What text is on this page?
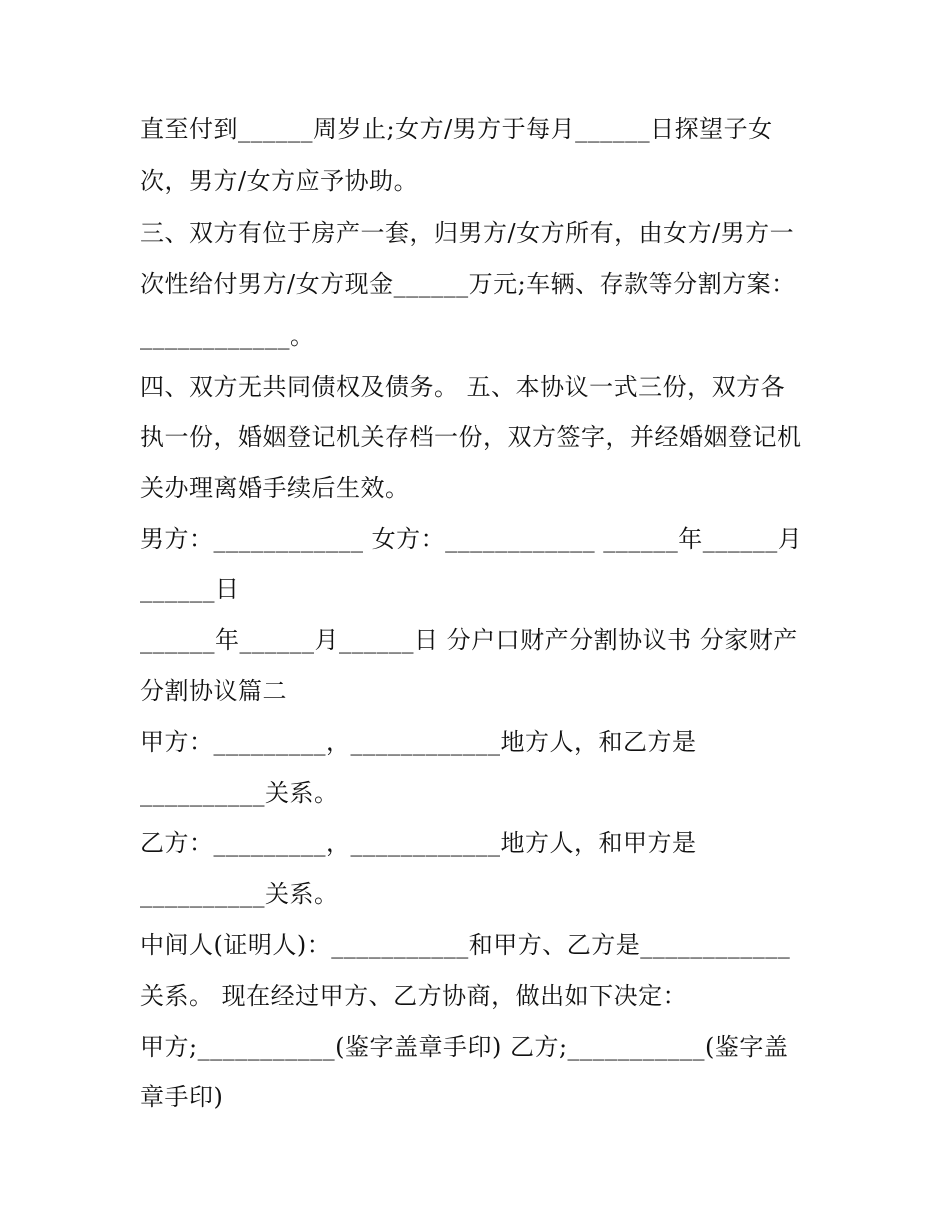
直至付到______周岁止;女方/男方于每月______日探望子女
次，男方/女方应予协助。
三、双方有位于房产一套，归男方/女方所有，由女方/男方一
次性给付男方/女方现金______万元;车辆、存款等分割方案：
____________。
四、双方无共同债权及债务。 五、本协议一式三份，双方各
执一份，婚姻登记机关存档一份，双方签字，并经婚姻登记机
关办理离婚手续后生效。
男方：____________ 女方：____________ ______年______月
______日
______年______月______日 分户口财产分割协议书 分家财产
分割协议篇二
甲方：_________，____________地方人，和乙方是
__________关系。
乙方：_________，____________地方人，和甲方是
__________关系。
中间人(证明人)：___________和甲方、乙方是____________
关系。 现在经过甲方、乙方协商，做出如下决定：
甲方;___________(鉴字盖章手印) 乙方;___________(鉴字盖
章手印)
